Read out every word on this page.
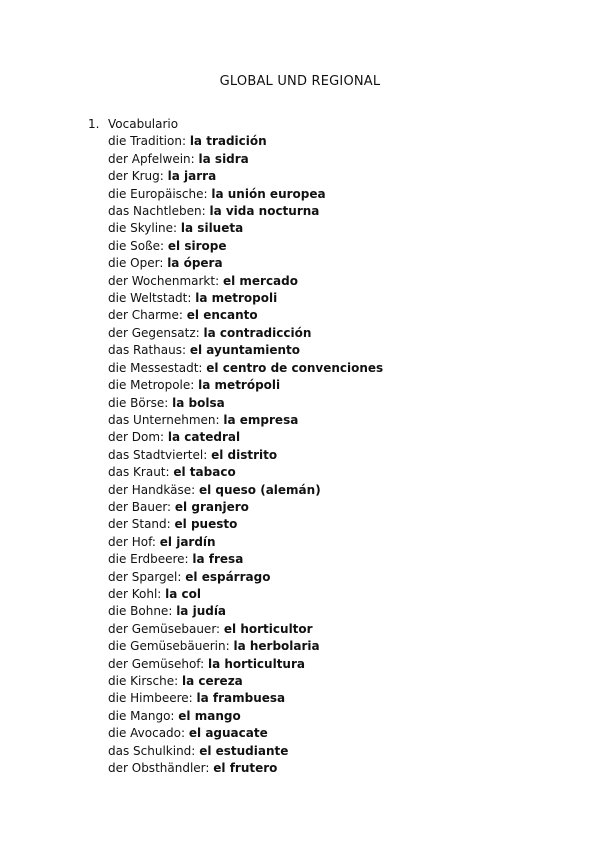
GLOBAL UND REGIONAL
1. Vocabulario
die Tradition: la tradición
der Apfelwein: la sidra
der Krug: la jarra
die Europäische: la unión europea
das Nachtleben: la vida nocturna
die Skyline: la silueta
die Soße: el sirope
die Oper: la ópera
der Wochenmarkt: el mercado
die Weltstadt: la metropoli
der Charme: el encanto
der Gegensatz: la contradicción
das Rathaus: el ayuntamiento
die Messestadt: el centro de convenciones
die Metropole: la metrópoli
die Börse: la bolsa
das Unternehmen: la empresa
der Dom: la catedral
das Stadtviertel: el distrito
das Kraut: el tabaco
der Handkäse: el queso (alemán)
der Bauer: el granjero
der Stand: el puesto
der Hof: el jardín
die Erdbeere: la fresa
der Spargel: el espárrago
der Kohl: la col
die Bohne: la judía
der Gemüsebauer: el horticultor
die Gemüsebäuerin: la herbolaria
der Gemüsehof: la horticultura
die Kirsche: la cereza
die Himbeere: la frambuesa
die Mango: el mango
die Avocado: el aguacate
das Schulkind: el estudiante
der Obsthändler: el frutero
